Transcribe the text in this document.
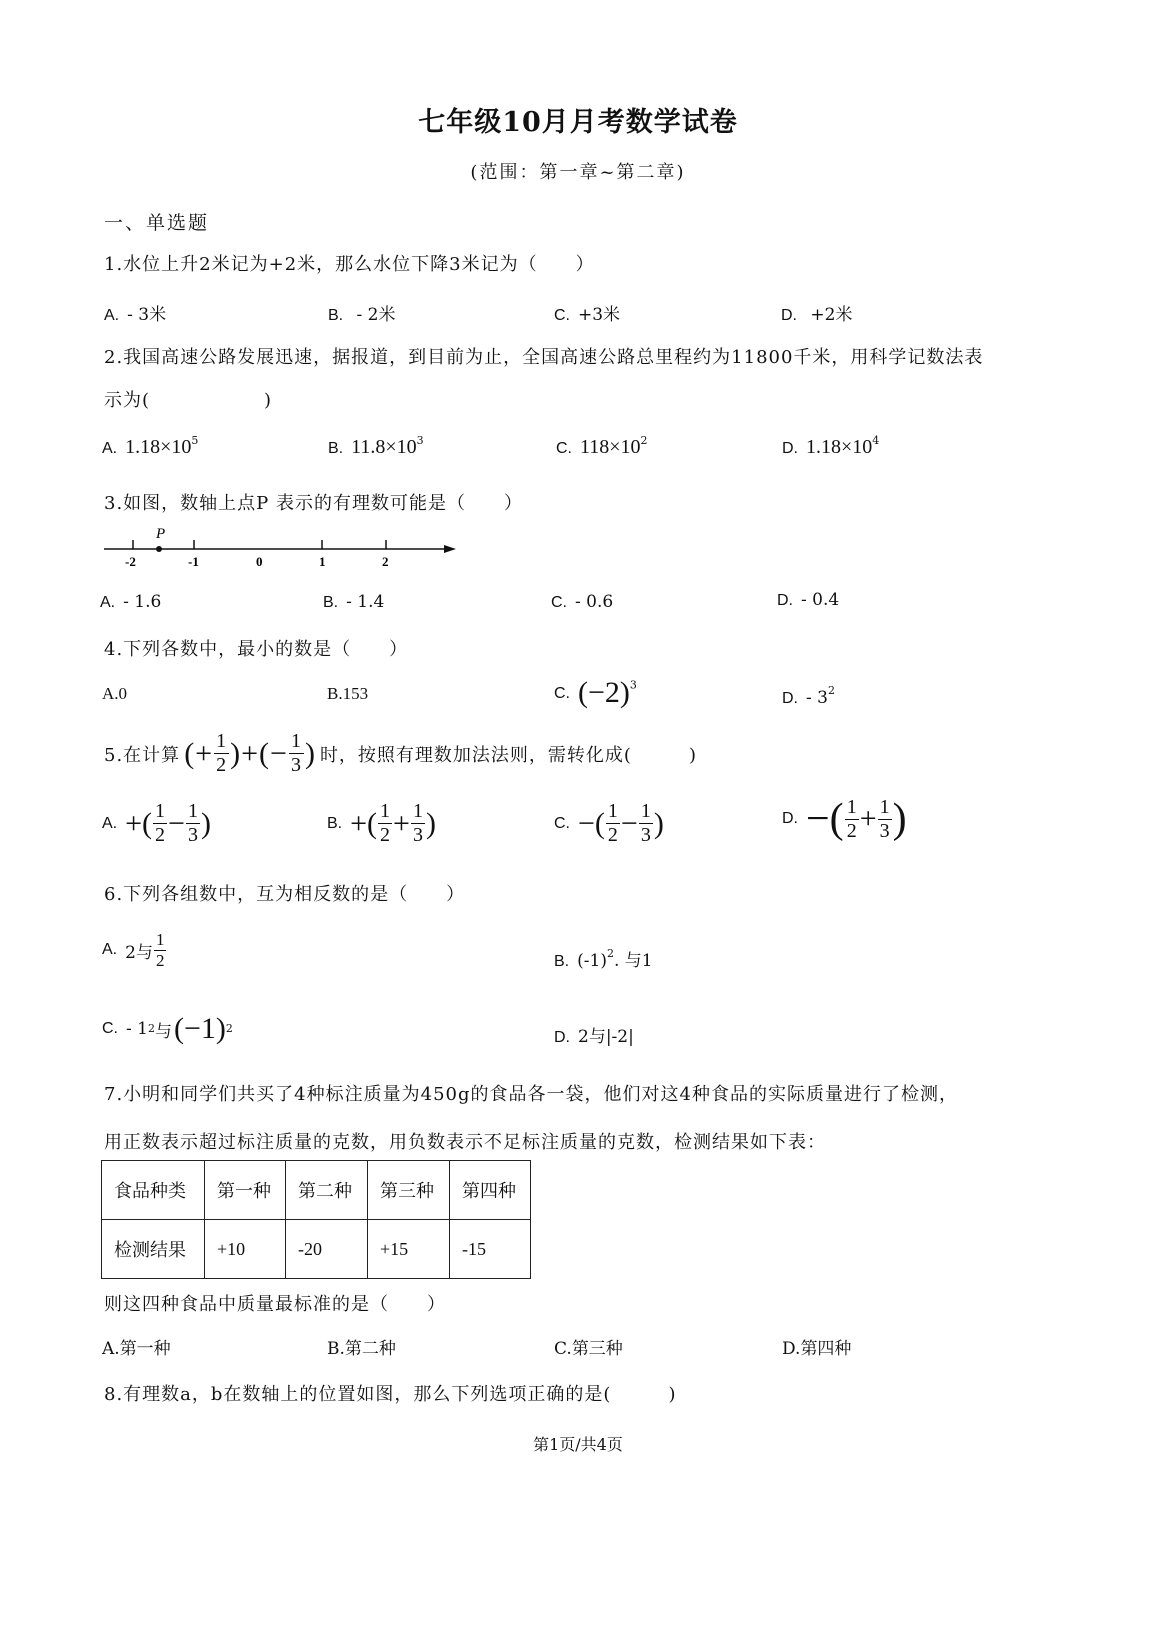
七年级10月月考数学试卷
(范围：第一章~第二章)
一、单选题
1.水位上升2米记为+2米，那么水位下降3米记为（　　）
A. - 3米	B. - 2米	C. +3米	D. +2米
2.我国高速公路发展迅速，据报道，到目前为止，全国高速公路总里程约为11800千米，用科学记数法表
示为(　　　　　　)
A. $1.18\times 10^5$	B. $11.8\times 10^3$	C. $118\times 10^2$	D. $1.18\times 10^4$
3.如图，数轴上点P 表示的有理数可能是（　　）
P
-2	-1	0	1	2
A. - 1.6	B. - 1.4	C. - 0.6	D. - 0.4
4.下列各数中，最小的数是（　　）
A.0	B.153	C. $(-2)^3$
D. - $3^2$
5.在计算 (+ $\frac{1}{2}$ )+(− $\frac{1}{3}$ ) 时，按照有理数加法法则，需转化成(　　　)
A. +( $\frac{1}{2} - \frac{1}{3}$ )	B. +( $\frac{1}{2} + \frac{1}{3}$ )	C. −( $\frac{1}{2} - \frac{1}{3}$ )	D. −( $\frac{1}{2} + \frac{1}{3}$ )
6.下列各组数中，互为相反数的是（　　）
A. 2与 $\frac{1}{2}$	B. $(-1)^2$. 与1
C. - 1 2 与 (−1) 2
D. 2与|-2|
7.小明和同学们共买了4种标注质量为450g的食品各一袋，他们对这4种食品的实际质量进行了检测，
用正数表示超过标注质量的克数，用负数表示不足标注质量的克数，检测结果如下表：
食品种类	第一种	第二种	第三种	第四种
检测结果	+10	-20	+15	-15
则这四种食品中质量最标准的是（　　）
A.第一种	B.第二种	C.第三种	D.第四种
8.有理数a，b在数轴上的位置如图，那么下列选项正确的是(　　　)
第1页/共4页
